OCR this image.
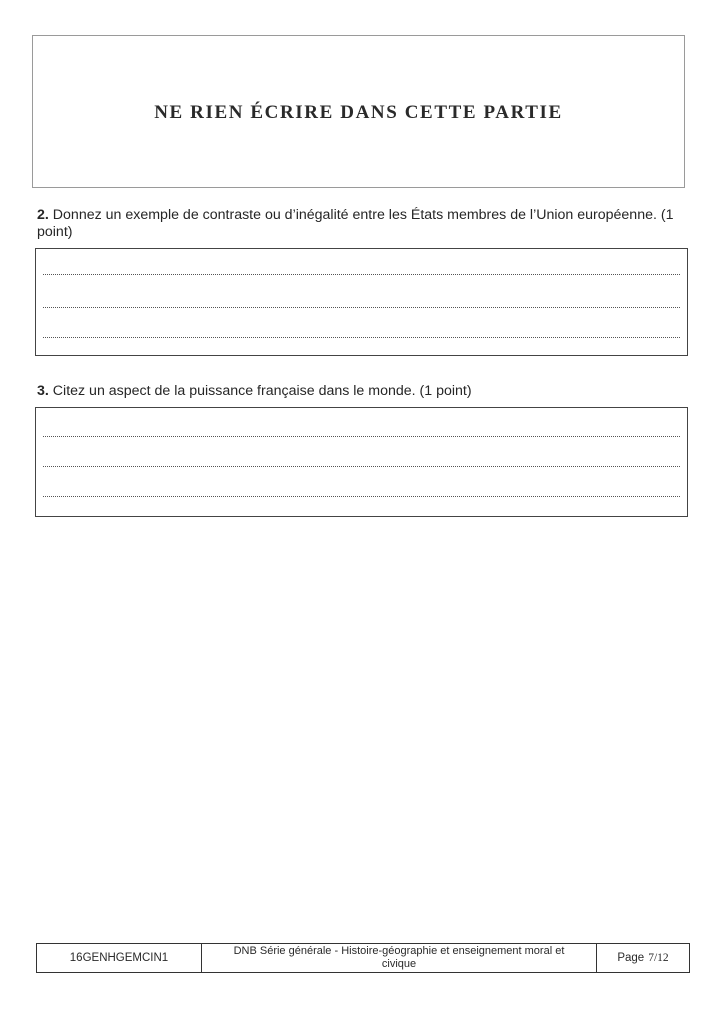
NE RIEN ÉCRIRE DANS CETTE PARTIE
2. Donnez un exemple de contraste ou d’inégalité entre les États membres de l’Union européenne. (1 point)
3. Citez un aspect de la puissance française dans le monde. (1 point)
16GENHGEMCIN1
DNB Série générale - Histoire-géographie et enseignement moral et civique	Page 7/12
